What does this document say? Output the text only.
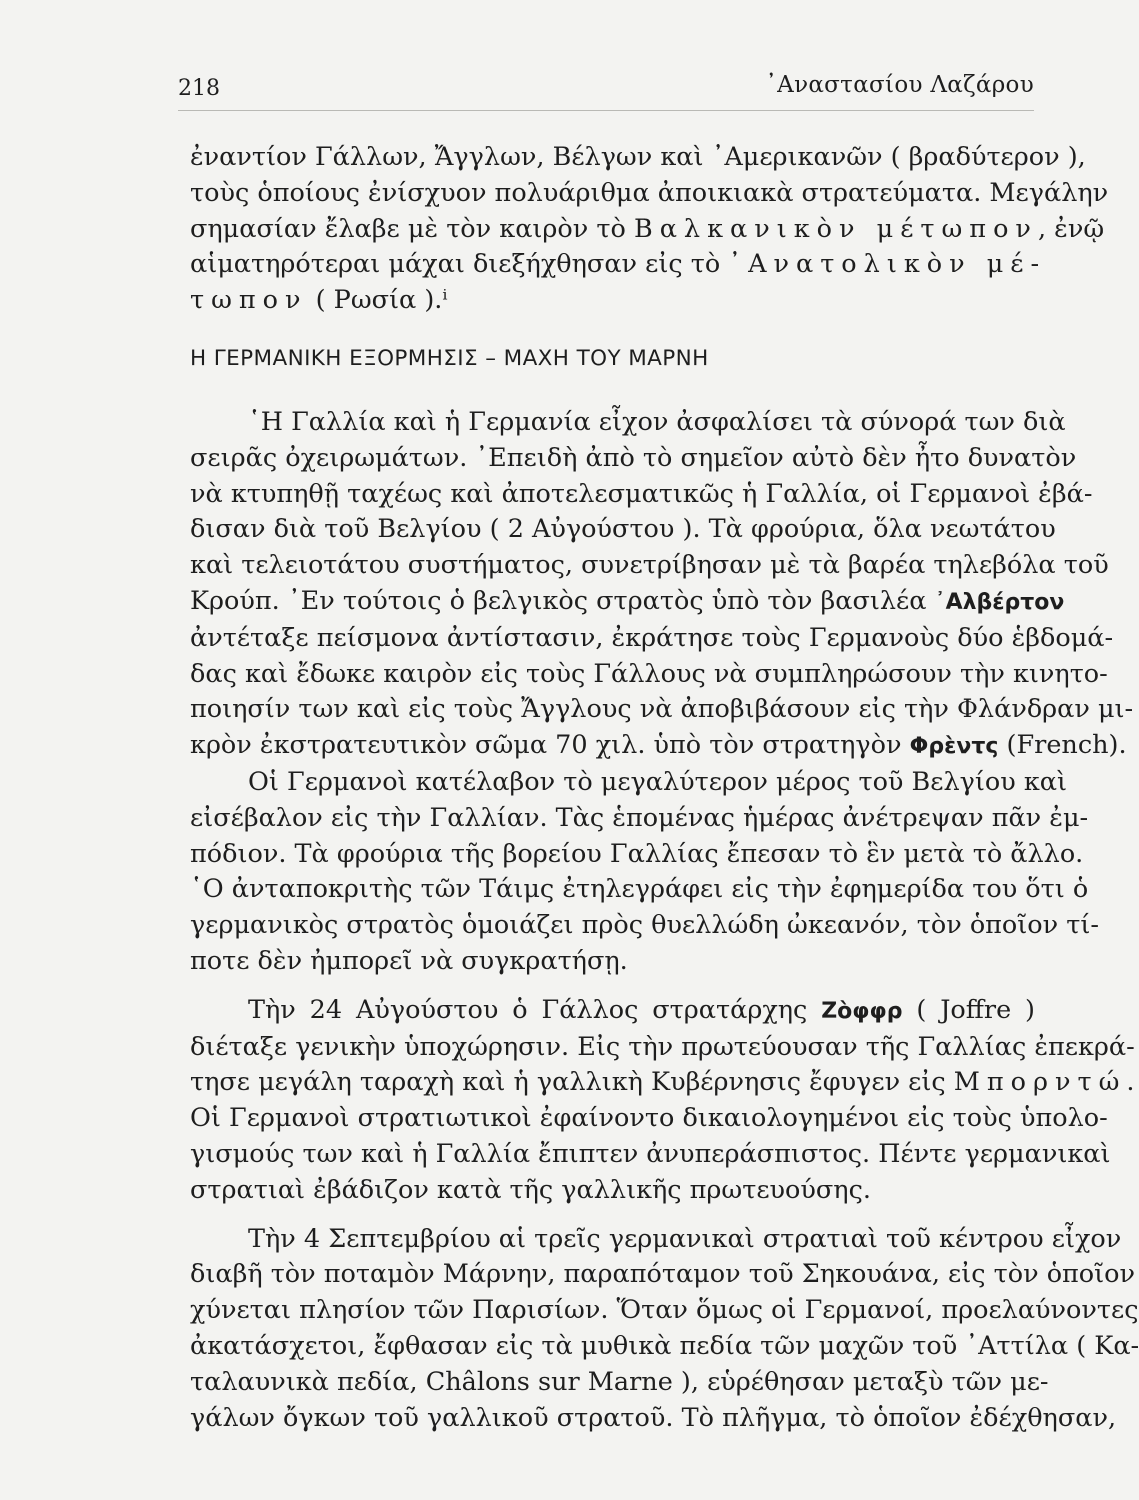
218	᾿Αναστασίου Λαζάρου
ἐναντίον Γάλλων, Ἄγγλων, Βέλγων καὶ ᾿Αμερικανῶν ( βραδύτερον ),
τοὺς ὁποίους ἐνίσχυον πολυάριθμα ἀποικιακὰ στρατεύματα. Μεγάλην
σημασίαν ἔλαβε μὲ τὸν καιρὸν τὸ Βαλκανικὸν μέτωπον, ἐνῷ
αἱματηρότεραι μάχαι διεξήχθησαν εἰς τὸ ᾿Ανατολικὸν μέ-
τωπον ( Ρωσία ).ⁱ
Η ΓΕΡΜΑΝΙΚΗ ΕΞΟΡΜΗΣΙΣ – ΜΑΧΗ ΤΟΥ ΜΑΡΝΗ
῾Η Γαλλία καὶ ἡ Γερμανία εἶχον ἀσφαλίσει τὰ σύνορά των διὰ
σειρᾶς ὀχειρωμάτων. ᾿Επειδὴ ἀπὸ τὸ σημεῖον αὐτὸ δὲν ἦτο δυνατὸν
νὰ κτυπηθῇ ταχέως καὶ ἀποτελεσματικῶς ἡ Γαλλία, οἱ Γερμανοὶ ἐβά-
δισαν διὰ τοῦ Βελγίου ( 2 Αὐγούστου ). Τὰ φρούρια, ὅλα νεωτάτου
καὶ τελειοτάτου συστήματος, συνετρίβησαν μὲ τὰ βαρέα τηλεβόλα τοῦ
Κρούπ. ᾿Εν τούτοις ὁ βελγικὸς στρατὸς ὑπὸ τὸν βασιλέα ᾿Αλβέρτον
ἀντέταξε πείσμονα ἀντίστασιν, ἐκράτησε τοὺς Γερμανοὺς δύο ἑβδομά-
δας καὶ ἔδωκε καιρὸν εἰς τοὺς Γάλλους νὰ συμπληρώσουν τὴν κινητο-
ποιησίν των καὶ εἰς τοὺς Ἄγγλους νὰ ἀποβιβάσουν εἰς τὴν Φλάνδραν μι-
κρὸν ἐκστρατευτικὸν σῶμα 70 χιλ. ὑπὸ τὸν στρατηγὸν Φρὲντς (French).
Οἱ Γερμανοὶ κατέλαβον τὸ μεγαλύτερον μέρος τοῦ Βελγίου καὶ
εἰσέβαλον εἰς τὴν Γαλλίαν. Τὰς ἑπομένας ἡμέρας ἀνέτρεψαν πᾶν ἐμ-
πόδιον. Τὰ φρούρια τῆς βορείου Γαλλίας ἔπεσαν τὸ ἓν μετὰ τὸ ἄλλο.
῾Ο ἀνταποκριτὴς τῶν Τάιμς ἐτηλεγράφει εἰς τὴν ἐφημερίδα του ὅτι ὁ
γερμανικὸς στρατὸς ὁμοιάζει πρὸς θυελλώδη ὠκεανόν, τὸν ὁποῖον τί-
ποτε δὲν ἠμπορεῖ νὰ συγκρατήσῃ.
Τὴν 24 Αὐγούστου ὁ Γάλλος στρατάρχης Ζὸφφρ ( Joffre )
διέταξε γενικὴν ὑποχώρησιν. Εἰς τὴν πρωτεύουσαν τῆς Γαλλίας ἐπεκρά-
τησε μεγάλη ταραχὴ καὶ ἡ γαλλικὴ Κυβέρνησις ἔφυγεν εἰς Μπορντώ.
Οἱ Γερμανοὶ στρατιωτικοὶ ἐφαίνοντο δικαιολογημένοι εἰς τοὺς ὑπολο-
γισμούς των καὶ ἡ Γαλλία ἔπιπτεν ἀνυπεράσπιστος. Πέντε γερμανικαὶ
στρατιαὶ ἐβάδιζον κατὰ τῆς γαλλικῆς πρωτευούσης.
Τὴν 4 Σεπτεμβρίου αἱ τρεῖς γερμανικαὶ στρατιαὶ τοῦ κέντρου εἶχον
διαβῆ τὸν ποταμὸν Μάρνην, παραπόταμον τοῦ Σηκουάνα, εἰς τὸν ὁποῖον
χύνεται πλησίον τῶν Παρισίων. Ὅταν ὅμως οἱ Γερμανοί, προελαύνοντες
ἀκατάσχετοι, ἔφθασαν εἰς τὰ μυθικὰ πεδία τῶν μαχῶν τοῦ ᾿Αττίλα ( Κα-
ταλαυνικὰ πεδία, Châlons sur Marne ), εὑρέθησαν μεταξὺ τῶν με-
γάλων ὄγκων τοῦ γαλλικοῦ στρατοῦ. Τὸ πλῆγμα, τὸ ὁποῖον ἐδέχθησαν,
